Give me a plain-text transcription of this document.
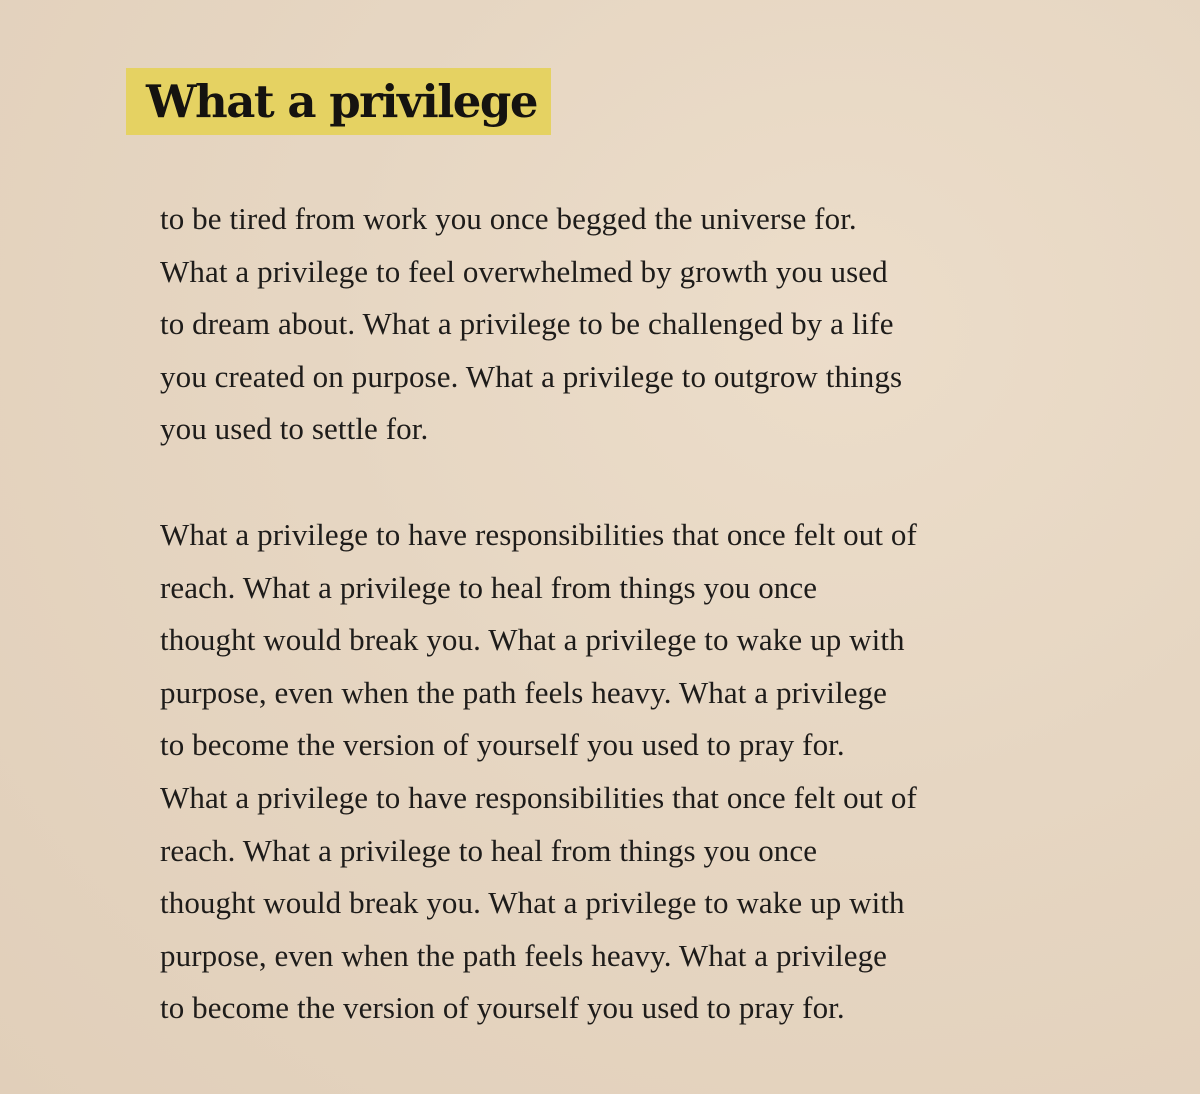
What a privilege

to be tired from work you once begged the universe for.
What a privilege to feel overwhelmed by growth you used
to dream about. What a privilege to be challenged by a life
you created on purpose. What a privilege to outgrow things
you used to settle for.

What a privilege to have responsibilities that once felt out of
reach. What a privilege to heal from things you once
thought would break you. What a privilege to wake up with
purpose, even when the path feels heavy. What a privilege
to become the version of yourself you used to pray for.
What a privilege to have responsibilities that once felt out of
reach. What a privilege to heal from things you once
thought would break you. What a privilege to wake up with
purpose, even when the path feels heavy. What a privilege
to become the version of yourself you used to pray for.
